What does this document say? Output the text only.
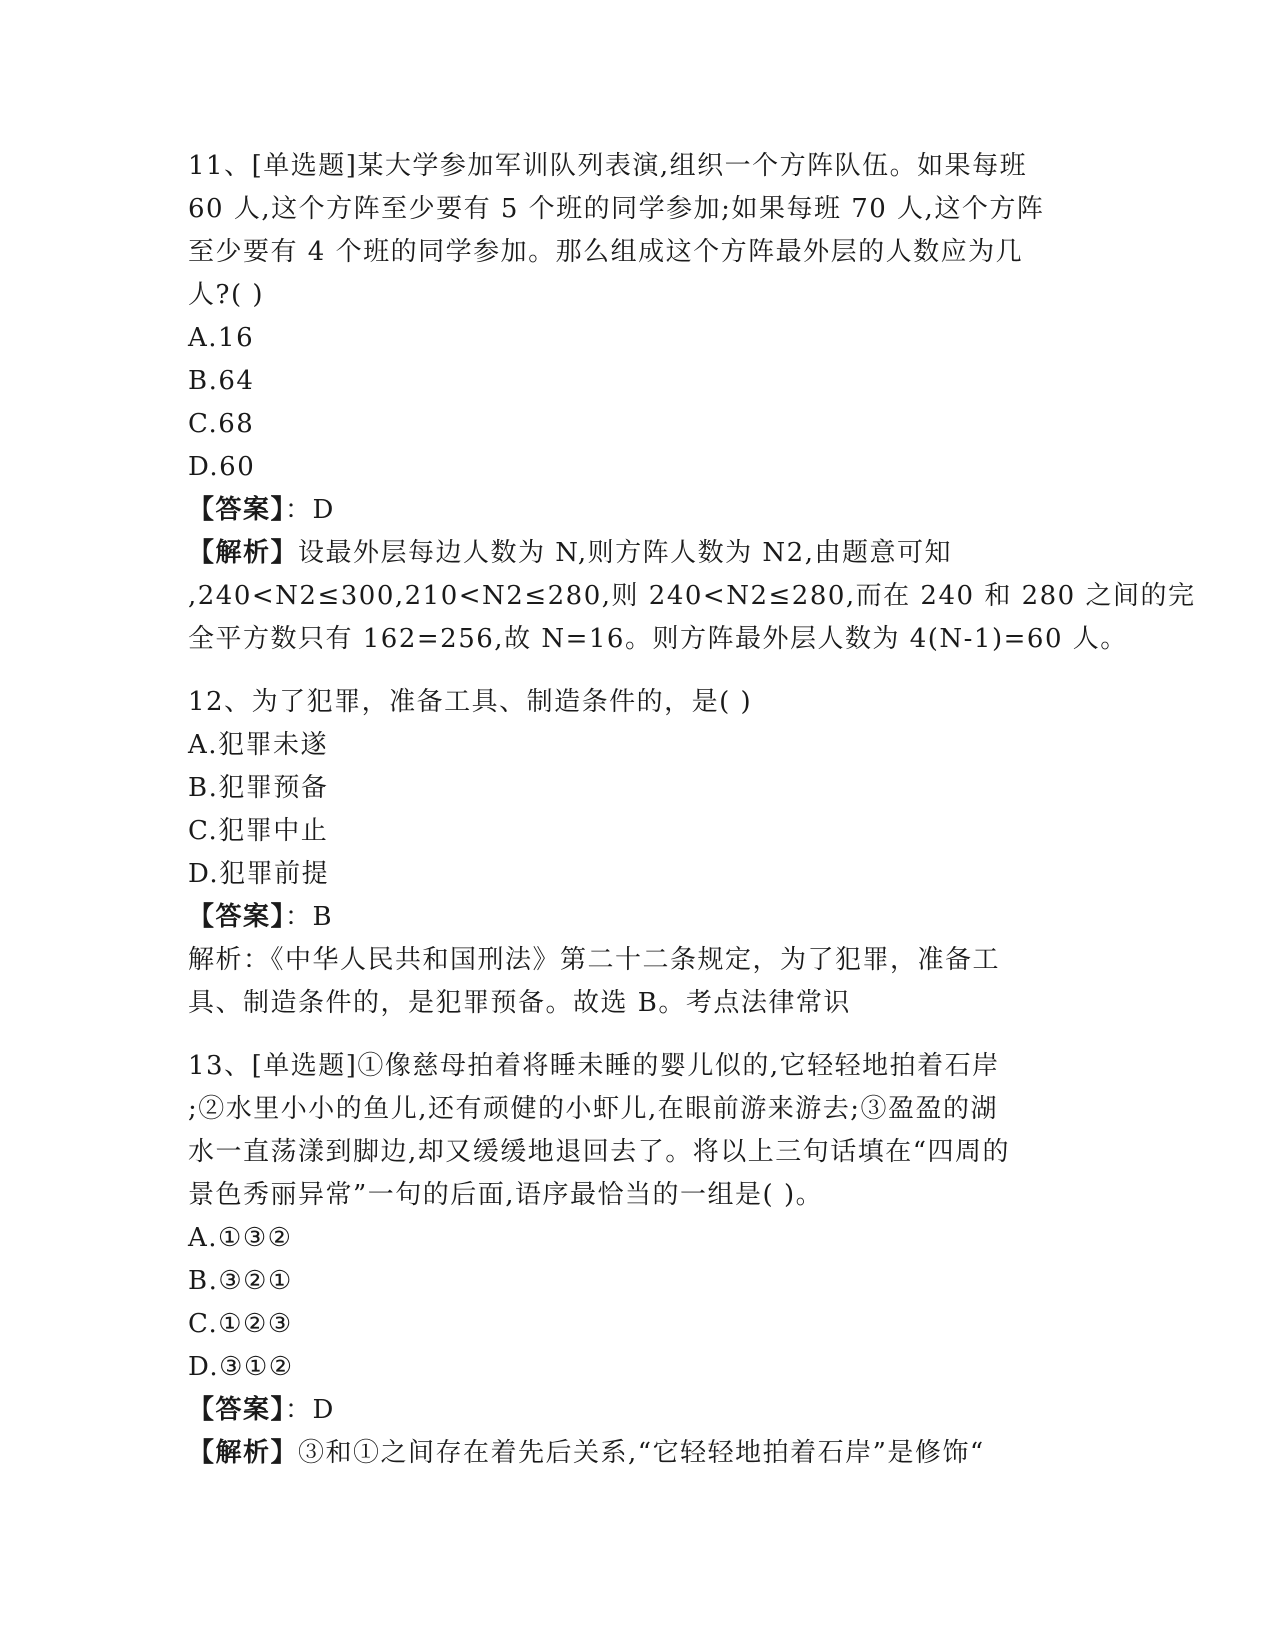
11、[单选题]某大学参加军训队列表演,组织一个方阵队伍。如果每班
60 人,这个方阵至少要有 5 个班的同学参加;如果每班 70 人,这个方阵
至少要有 4 个班的同学参加。那么组成这个方阵最外层的人数应为几
人?( )
A.16
B.64
C.68
D.60
【答案】：D
【解析】设最外层每边人数为 N,则方阵人数为 N2,由题意可知
,240<N2≤300,210<N2≤280,则 240<N2≤280,而在 240 和 280 之间的完
全平方数只有 162=256,故 N=16。则方阵最外层人数为 4(N-1)=60 人。
12、为了犯罪，准备工具、制造条件的，是( )
A.犯罪未遂
B.犯罪预备
C.犯罪中止
D.犯罪前提
【答案】：B
解析：《中华人民共和国刑法》第二十二条规定，为了犯罪，准备工
具、制造条件的，是犯罪预备。故选 B。考点法律常识
13、[单选题]①像慈母拍着将睡未睡的婴儿似的,它轻轻地拍着石岸
;②水里小小的鱼儿,还有顽健的小虾儿,在眼前游来游去;③盈盈的湖
水一直荡漾到脚边,却又缓缓地退回去了。将以上三句话填在“四周的
景色秀丽异常”一句的后面,语序最恰当的一组是( )。
A.①③②
B.③②①
C.①②③
D.③①②
【答案】：D
【解析】③和①之间存在着先后关系,“它轻轻地拍着石岸”是修饰“
